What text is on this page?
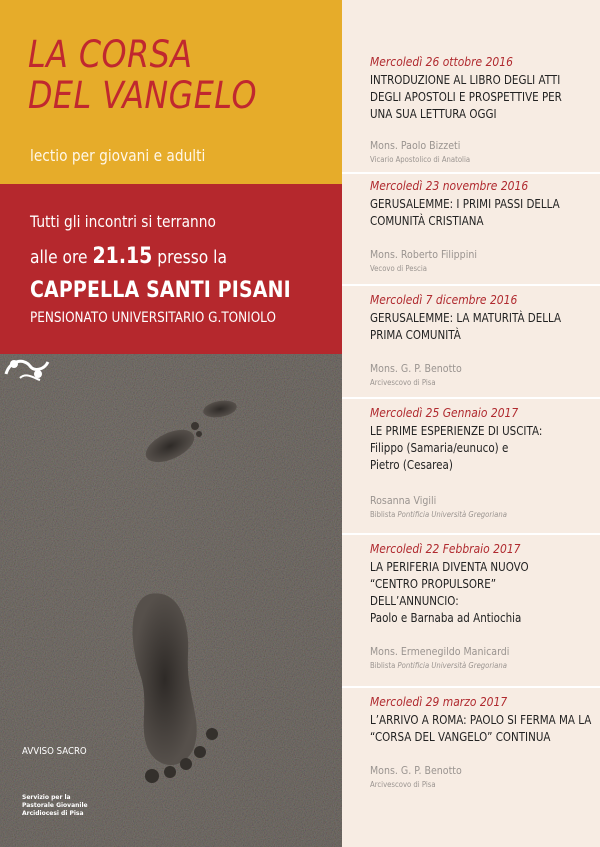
LA CORSA
DEL VANGELO
lectio per giovani e adulti
Tutti gli incontri si terranno
alle ore 21.15 presso la
CAPPELLA SANTI PISANI
PENSIONATO UNIVERSITARIO G.TONIOLO
AVVISO SACRO
Servizio per la
Pastorale Giovanile
Arcidiocesi di Pisa
Mercoledì 26 ottobre 2016
INTRODUZIONE AL LIBRO DEGLI ATTI
DEGLI APOSTOLI E PROSPETTIVE PER
UNA SUA LETTURA OGGI
Mons. Paolo Bizzeti
Vicario Apostolico di Anatolia
Mercoledì 23 novembre 2016
GERUSALEMME: I PRIMI PASSI DELLA
COMUNITÀ CRISTIANA
Mons. Roberto Filippini
Vecovo di Pescia
Mercoledì 7 dicembre 2016
GERUSALEMME: LA MATURITÀ DELLA
PRIMA COMUNITÀ
Mons. G. P. Benotto
Arcivescovo di Pisa
Mercoledì 25 Gennaio 2017
LE PRIME ESPERIENZE DI USCITA:
Filippo (Samaria/eunuco) e
Pietro (Cesarea)
Rosanna Vigili
Biblista Pontificia Università Gregoriana
Mercoledì 22 Febbraio 2017
LA PERIFERIA DIVENTA NUOVO
“CENTRO PROPULSORE”
DELL’ANNUNCIO:
Paolo e Barnaba ad Antiochia
Mons. Ermenegildo Manicardi
Biblista Pontificia Università Gregoriana
Mercoledì 29 marzo 2017
L’ARRIVO A ROMA: PAOLO SI FERMA MA LA
“CORSA DEL VANGELO” CONTINUA
Mons. G. P. Benotto
Arcivescovo di Pisa
